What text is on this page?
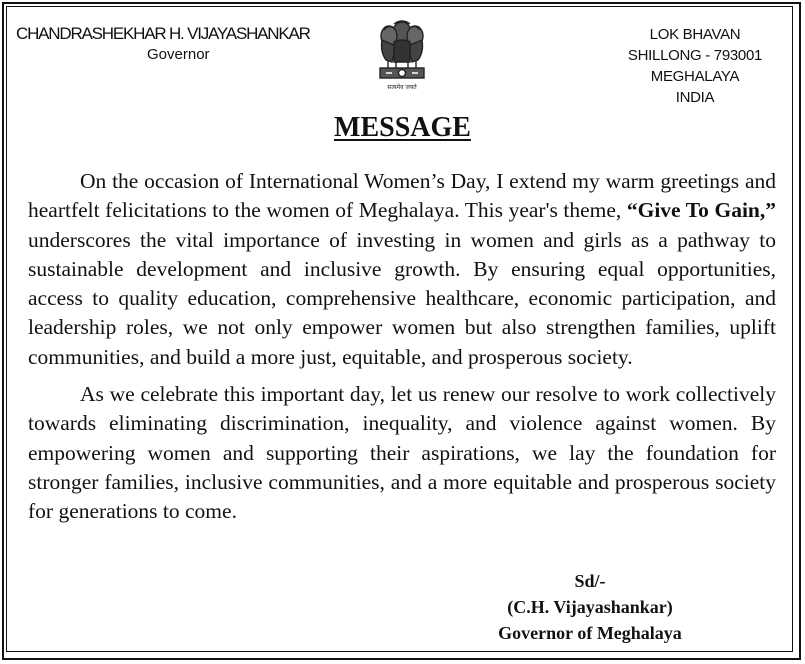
CHANDRASHEKHAR H. VIJAYASHANKAR
Governor
सत्यमेव जयते
LOK BHAVAN
SHILLONG - 793001
MEGHALAYA
INDIA
MESSAGE

On the occasion of International Women’s Day, I extend my warm greetings and heartfelt felicitations to the women of Meghalaya. This year's theme, “Give To Gain,” underscores the vital importance of investing in women and girls as a pathway to sustainable development and inclusive growth. By ensuring equal opportunities, access to quality education, comprehensive healthcare, economic participation, and leadership roles, we not only empower women but also strengthen families, uplift communities, and build a more just, equitable, and prosperous society.

As we celebrate this important day, let us renew our resolve to work collectively towards eliminating discrimination, inequality, and violence against women. By empowering women and supporting their aspirations, we lay the foundation for stronger families, inclusive communities, and a more equitable and prosperous society for generations to come.

Sd/-
(C.H. Vijayashankar)
Governor of Meghalaya
